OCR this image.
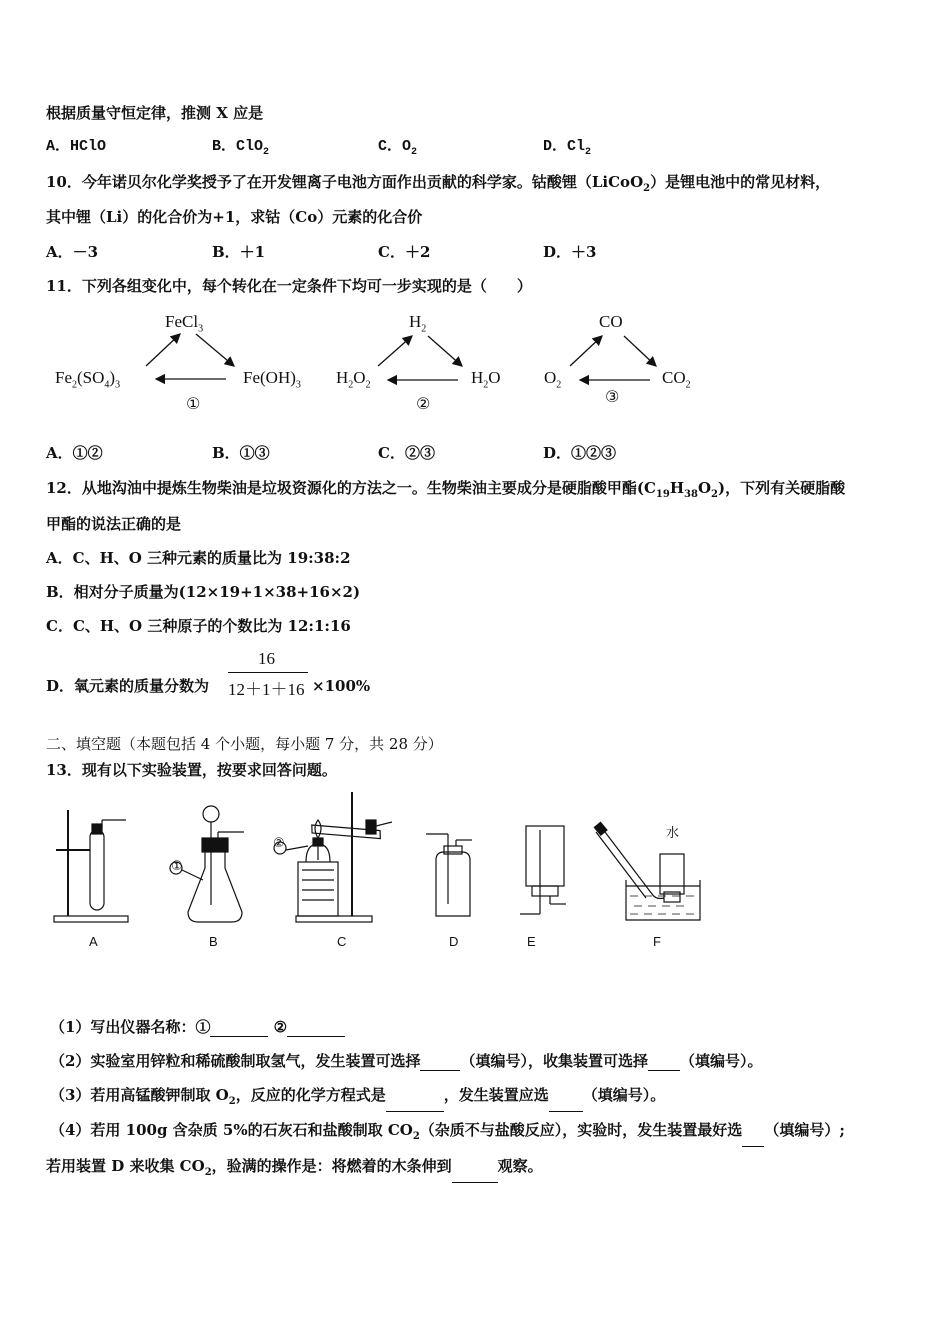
根据质量守恒定律，推测 X 应是
A．HClO	B．ClO$_2$	C．$O_2$	D．$Cl_2$
10．今年诺贝尔化学奖授予了在开发锂离子电池方面作出贡献的科学家。钴酸锂（LiCoO$_2$）是锂电池中的常见材料，
其中锂（Li）的化合价为+1，求钴（Co）元素的化合价
A．－3	B．＋1	C．＋2	D．＋3
11．下列各组变化中，每个转化在一定条件下均可一步实现的是（　　）
FeCl$_3$
$Fe_2(SO_4)_3$	$Fe(OH)_3$
①
$H_2$
$H_2O_2$	$H_2O$
②
CO
$O_2$	$CO_2$
③
A．①②	B．①③	C．②③	D．①②③
12．从地沟油中提炼生物柴油是垃圾资源化的方法之一。生物柴油主要成分是硬脂酸甲酯$(C_{19}H_{38}O_2)$，下列有关硬脂酸
甲酯的说法正确的是
A．C、H、O 三种元素的质量比为 19:38:2
B．相对分子质量为(12×19+1×38+16×2)
C．C、H、O 三种原子的个数比为 12:1:16
D．氧元素的质量分数为
16
12＋1＋16 ×100%
二、填空题（本题包括 4 个小题，每小题 7 分，共 28 分）
13．现有以下实验装置，按要求回答问题。
①
②
水
A	B	C	D	E	F
（1）写出仪器名称：①	②
（2）实验室用锌粒和稀硫酸制取氢气，发生装置可选择	（填编号），收集装置可选择 （填编号）。
（3）若用高锰酸钾制取 $O_2$，反应的化学方程式是	，发生装置应选 （填编号）。
（4）若用 100g 含杂质 5%的石灰石和盐酸制取 $CO_2$（杂质不与盐酸反应），实验时，发生装置最好选 （填编号）;
若用装置 D 来收集 $CO_2$，验满的操作是：将燃着的木条伸到	观察。
